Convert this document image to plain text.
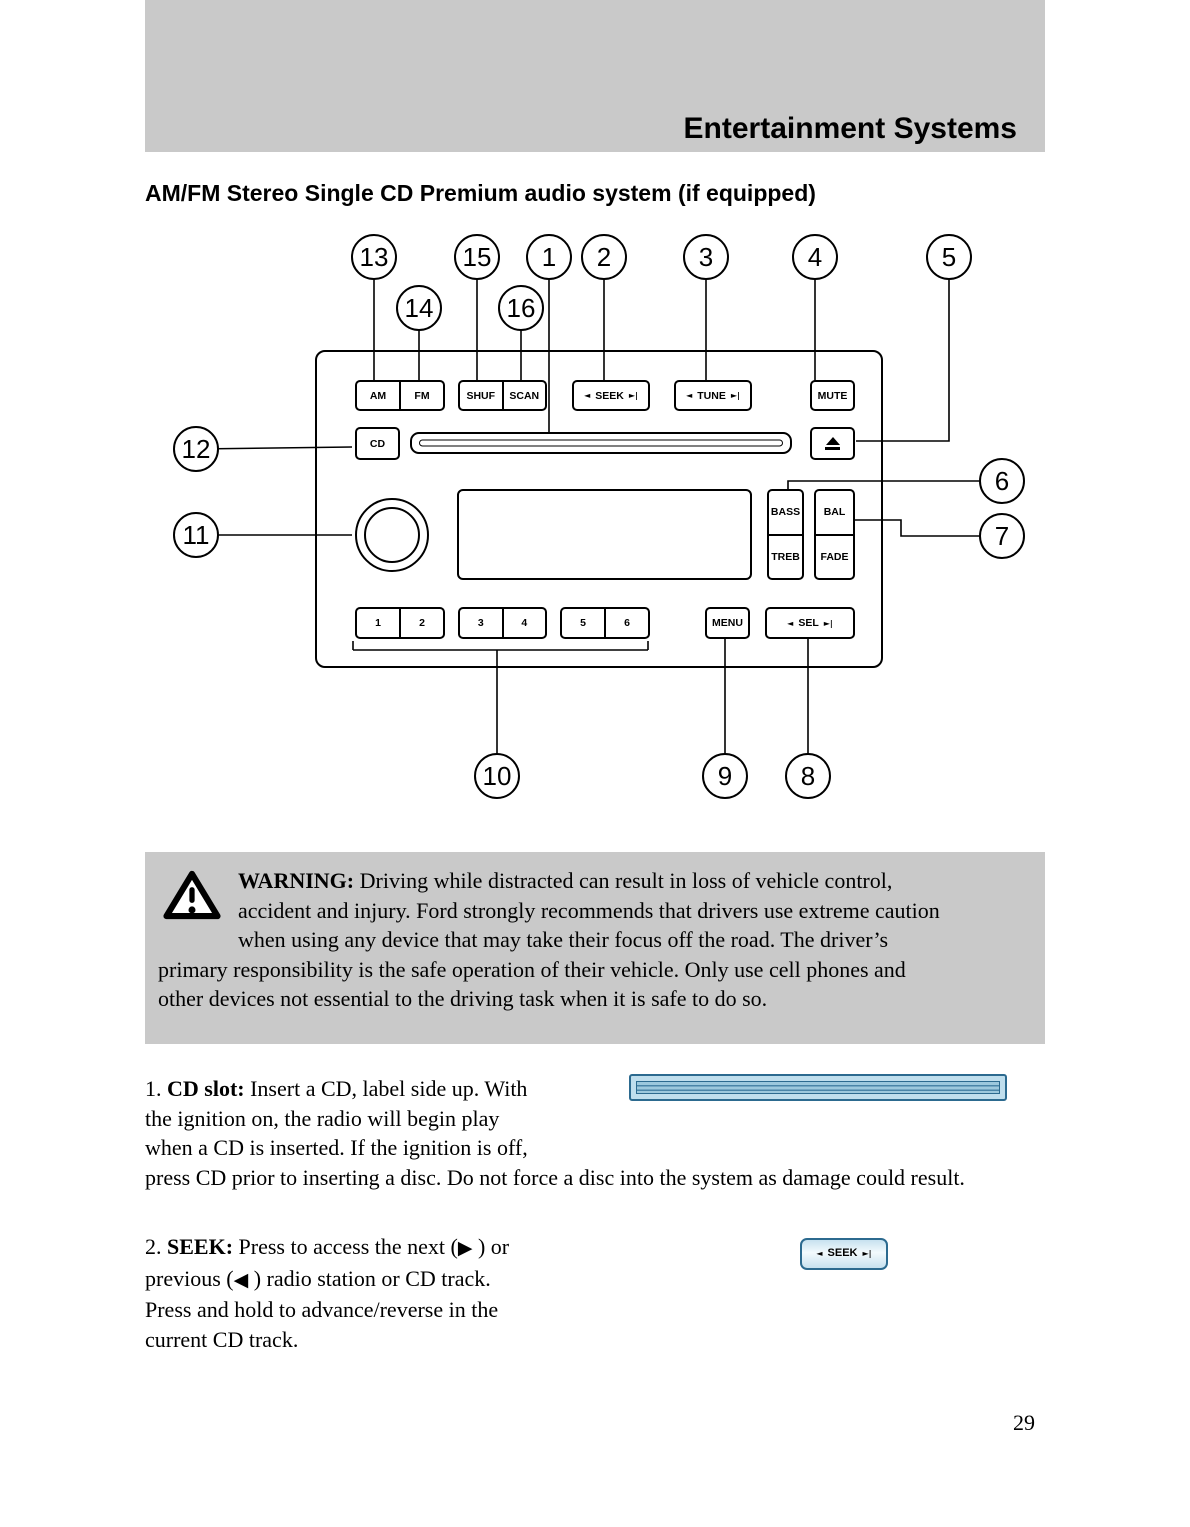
Entertainment Systems
AM/FM Stereo Single CD Premium audio system (if equipped)
AM	FM	SHUF	SCAN	◄ SEEK ►|	◄ TUNE ►|	MUTE
CD
BASS
TREB
BAL
FADE
1	2	3	4	5	6	MENU	◄ SEL ►|
13	15	1	2	3	4	5
14	16
12
11
6
7
10	9	8
WARNING: Driving while distracted can result in loss of vehicle control, accident and injury. Ford strongly recommends that drivers use extreme caution when using any device that may take their focus off the road. The driver’s primary responsibility is the safe operation of their vehicle. Only use cell phones and other devices not essential to the driving task when it is safe to do so.
1. CD slot: Insert a CD, label side up. With the ignition on, the radio will begin play when a CD is inserted. If the ignition is off, press CD prior to inserting a disc. Do not force a disc into the system as damage could result.
◄ SEEK ►|
2. SEEK: Press to access the next (▶ ) or previous (◀ ) radio station or CD track. Press and hold to advance/reverse in the current CD track.
29
